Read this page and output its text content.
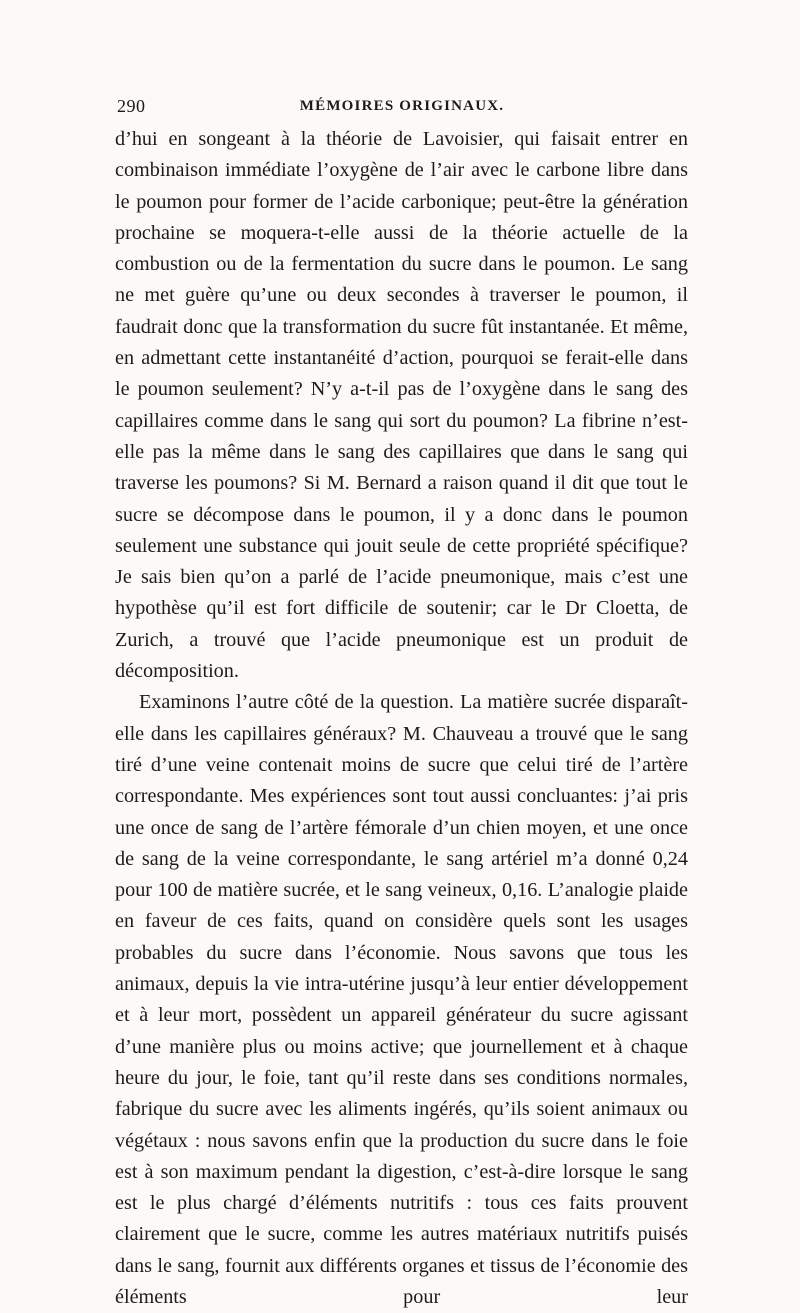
290	MÉMOIRES ORIGINAUX.

d’hui en songeant à la théorie de Lavoisier, qui faisait entrer en combinaison immédiate l’oxygène de l’air avec le carbone libre dans le poumon pour former de l’acide carbonique; peut-être la génération prochaine se moquera-t-elle aussi de la théorie actuelle de la combustion ou de la fermentation du sucre dans le poumon. Le sang ne met guère qu’une ou deux secondes à traverser le poumon, il faudrait donc que la transformation du sucre fût instantanée. Et même, en admettant cette instantanéité d’action, pourquoi se ferait-elle dans le poumon seulement? N’y a-t-il pas de l’oxygène dans le sang des capillaires comme dans le sang qui sort du poumon? La fibrine n’est-elle pas la même dans le sang des capillaires que dans le sang qui traverse les poumons? Si M. Bernard a raison quand il dit que tout le sucre se décompose dans le poumon, il y a donc dans le poumon seulement une substance qui jouit seule de cette propriété spécifique? Je sais bien qu’on a parlé de l’acide pneumonique, mais c’est une hypothèse qu’il est fort difficile de soutenir; car le Dr Cloetta, de Zurich, a trouvé que l’acide pneumonique est un produit de décomposition.

Examinons l’autre côté de la question. La matière sucrée disparaît-elle dans les capillaires généraux? M. Chauveau a trouvé que le sang tiré d’une veine contenait moins de sucre que celui tiré de l’artère correspondante. Mes expériences sont tout aussi concluantes: j’ai pris une once de sang de l’artère fémorale d’un chien moyen, et une once de sang de la veine correspondante, le sang artériel m’a donné 0,24 pour 100 de matière sucrée, et le sang veineux, 0,16. L’analogie plaide en faveur de ces faits, quand on considère quels sont les usages probables du sucre dans l’économie. Nous savons que tous les animaux, depuis la vie intra-utérine jusqu’à leur entier développement et à leur mort, possèdent un appareil générateur du sucre agissant d’une manière plus ou moins active; que journellement et à chaque heure du jour, le foie, tant qu’il reste dans ses conditions normales, fabrique du sucre avec les aliments ingérés, qu’ils soient animaux ou végétaux : nous savons enfin que la production du sucre dans le foie est à son maximum pendant la digestion, c’est-à-dire lorsque le sang est le plus chargé d’éléments nutritifs : tous ces faits prouvent clairement que le sucre, comme les autres matériaux nutritifs puisés dans le sang, fournit aux différents organes et tissus de l’économie des éléments pour leur
